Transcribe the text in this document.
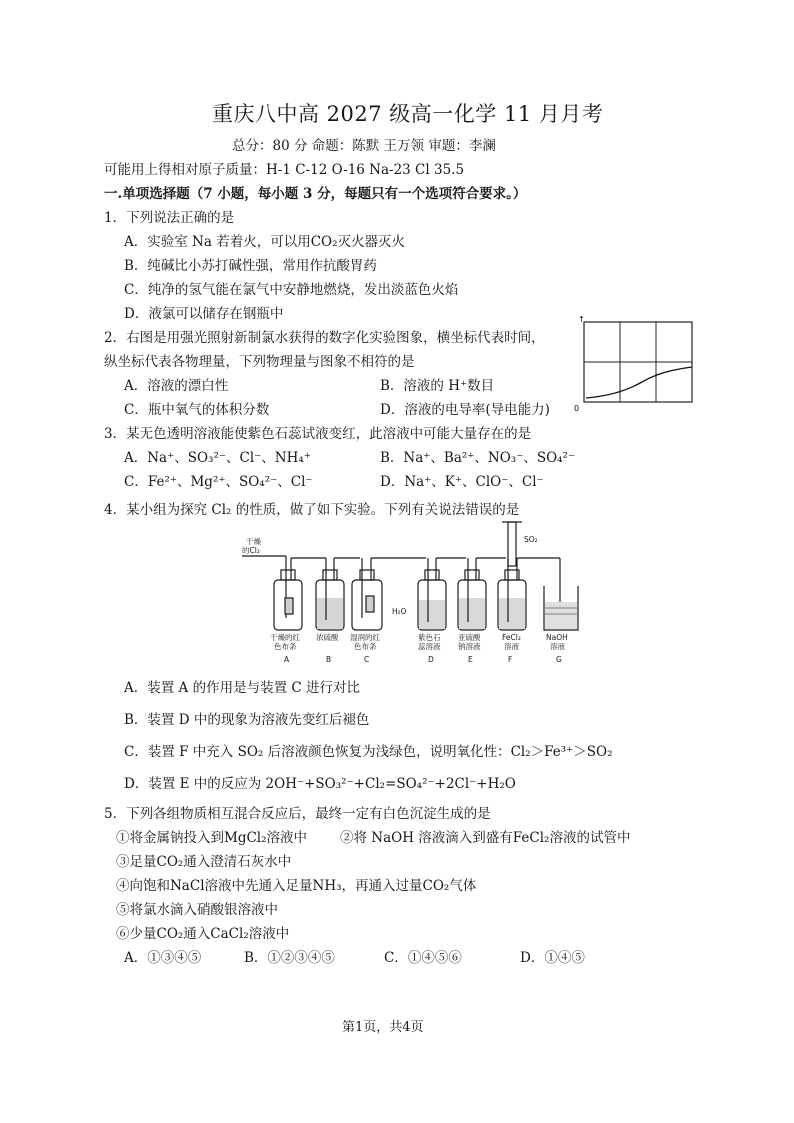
重庆八中高 2027 级高一化学 11 月月考
总分：80 分 命题：陈默 王万领 审题：李澜
可能用上得相对原子质量：H-1 C-12 O-16 Na-23 Cl 35.5
一.单项选择题（7 小题，每小题 3 分，每题只有一个选项符合要求。）
1．下列说法正确的是
A．实验室 Na 若着火，可以用CO₂灭火器灭火
B．纯碱比小苏打碱性强，常用作抗酸胃药
C．纯净的氢气能在氯气中安静地燃烧，发出淡蓝色火焰
D．液氯可以储存在钢瓶中
2．右图是用强光照射新制氯水获得的数字化实验图象，横坐标代表时间，
纵坐标代表各物理量，下列物理量与图象不相符的是
A．溶液的漂白性	B．溶液的 H⁺数目
C．瓶中氧气的体积分数	D．溶液的电导率(导电能力)	0
↑
3．某无色透明溶液能使紫色石蕊试液变红，此溶液中可能大量存在的是
A．Na⁺、SO₃²⁻、Cl⁻、NH₄⁺	B．Na⁺、Ba²⁺、NO₃⁻、SO₄²⁻
C．Fe²⁺、Mg²⁺、SO₄²⁻、Cl⁻	D．Na⁺、K⁺、ClO⁻、Cl⁻
4．某小组为探究 Cl₂ 的性质，做了如下实验。下列有关说法错误的是
干燥
的Cl₂
SO₂
H₂O
干燥的红
色布条
A
浓硫酸
B
湿润的红
色布条
C
紫色石
蕊溶液
D
亚硫酸
钠溶液
E
FeCl₂
溶液
F
NaOH
溶液
G
A．装置 A 的作用是与装置 C 进行对比
B．装置 D 中的现象为溶液先变红后褪色
C．装置 F 中充入 SO₂ 后溶液颜色恢复为浅绿色，说明氧化性：Cl₂＞Fe³⁺＞SO₂
D．装置 E 中的反应为 2OH⁻+SO₃²⁻+Cl₂=SO₄²⁻+2Cl⁻+H₂O
5．下列各组物质相互混合反应后，最终一定有白色沉淀生成的是
①将金属钠投入到MgCl₂溶液中 ②将 NaOH 溶液滴入到盛有FeCl₂溶液的试管中
③足量CO₂通入澄清石灰水中
④向饱和NaCl溶液中先通入足量NH₃，再通入过量CO₂气体
⑤将氯水滴入硝酸银溶液中
⑥少量CO₂通入CaCl₂溶液中
A．①③④⑤	B．①②③④⑤	C．①④⑤⑥	D．①④⑤
第1页，共4页
